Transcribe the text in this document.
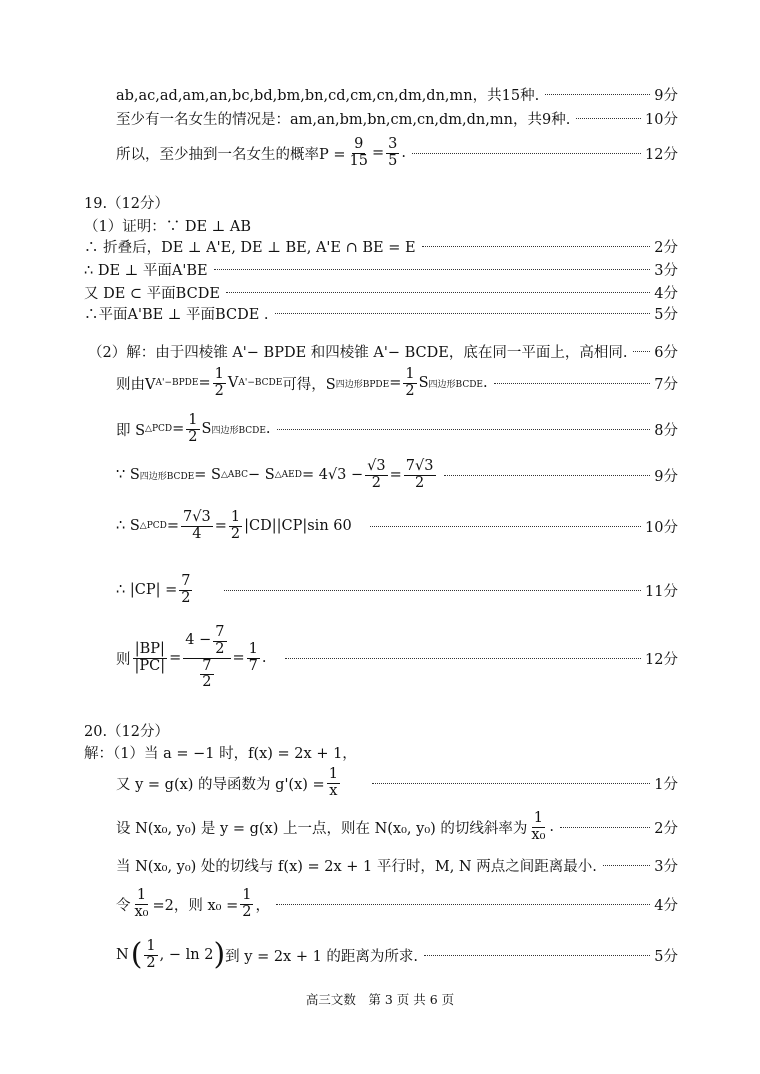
ab,ac,ad,am,an,bc,bd,bm,bn,cd,cm,cn,dm,dn,mn，共15种.	9分
至少有一名女生的情况是：am,an,bm,bn,cm,cn,dm,dn,mn，共9种.	10分
所以，至少抽到一名女生的概率$P = \frac{9}{15} = \frac{3}{5}$ .	12分
19.（12分）
（1）证明：∵ DE ⊥ AB
∴ 折叠后，DE ⊥ A'E, DE ⊥ BE, A'E ∩ BE = E	2分
∴ DE ⊥ 平面A'BE	3分
又 DE ⊂ 平面BCDE	4分
∴平面A'BE ⊥ 平面BCDE .	5分
（2）解：由于四棱锥 A'− BPDE 和四棱锥 A'− BCDE，底在同一平面上，高相同. 6分
则由V A'−BPDE = $\frac{1}{2}$ V A'−BCDE 可得，S 四边形BPDE = $\frac{1}{2}$ S 四边形BCDE .	7分
即 S △PCD = $\frac{1}{2}$ S 四边形BCDE .	8分
∵ S 四边形BCDE = S △ABC − S △AED = $4√3 - \frac{√3}{2} = \frac{7√3}{2}$	9分
∴ S △PCD = $\frac{7√3}{4} = \frac{1}{2} |CD||CP|\sin$ 60	10分
∴ $|CP| = \frac{7}{2}$	11分
则 $\frac{|BP|}{|PC|} = \frac{4 - \frac{7}{2}}{\frac{7}{2}} = \frac{1}{7}$ .	12分
20.（12分）
解：（1）当 a = −1 时，f(x) = 2x + 1，
又 y = g(x) 的导函数为 $g'(x) = \frac{1}{x}$	1分
设 N(x₀, y₀) 是 y = g(x) 上一点，则在 N(x₀, y₀) 的切线斜率为 $\frac{1}{\text{x₀}}$ .	2分
当 N(x₀, y₀) 处的切线与 f(x) = 2x + 1 平行时，M, N 两点之间距离最小.	3分
令 $\frac{1}{\text{x₀}} =2$，则 $x_0 = \frac{1}{2}$ ，	4分
N ( $\frac{1}{2}$ , − ln 2 ) 到 y = 2x + 1 的距离为所求.	5分
高三文数　第 3 页 共 6 页
